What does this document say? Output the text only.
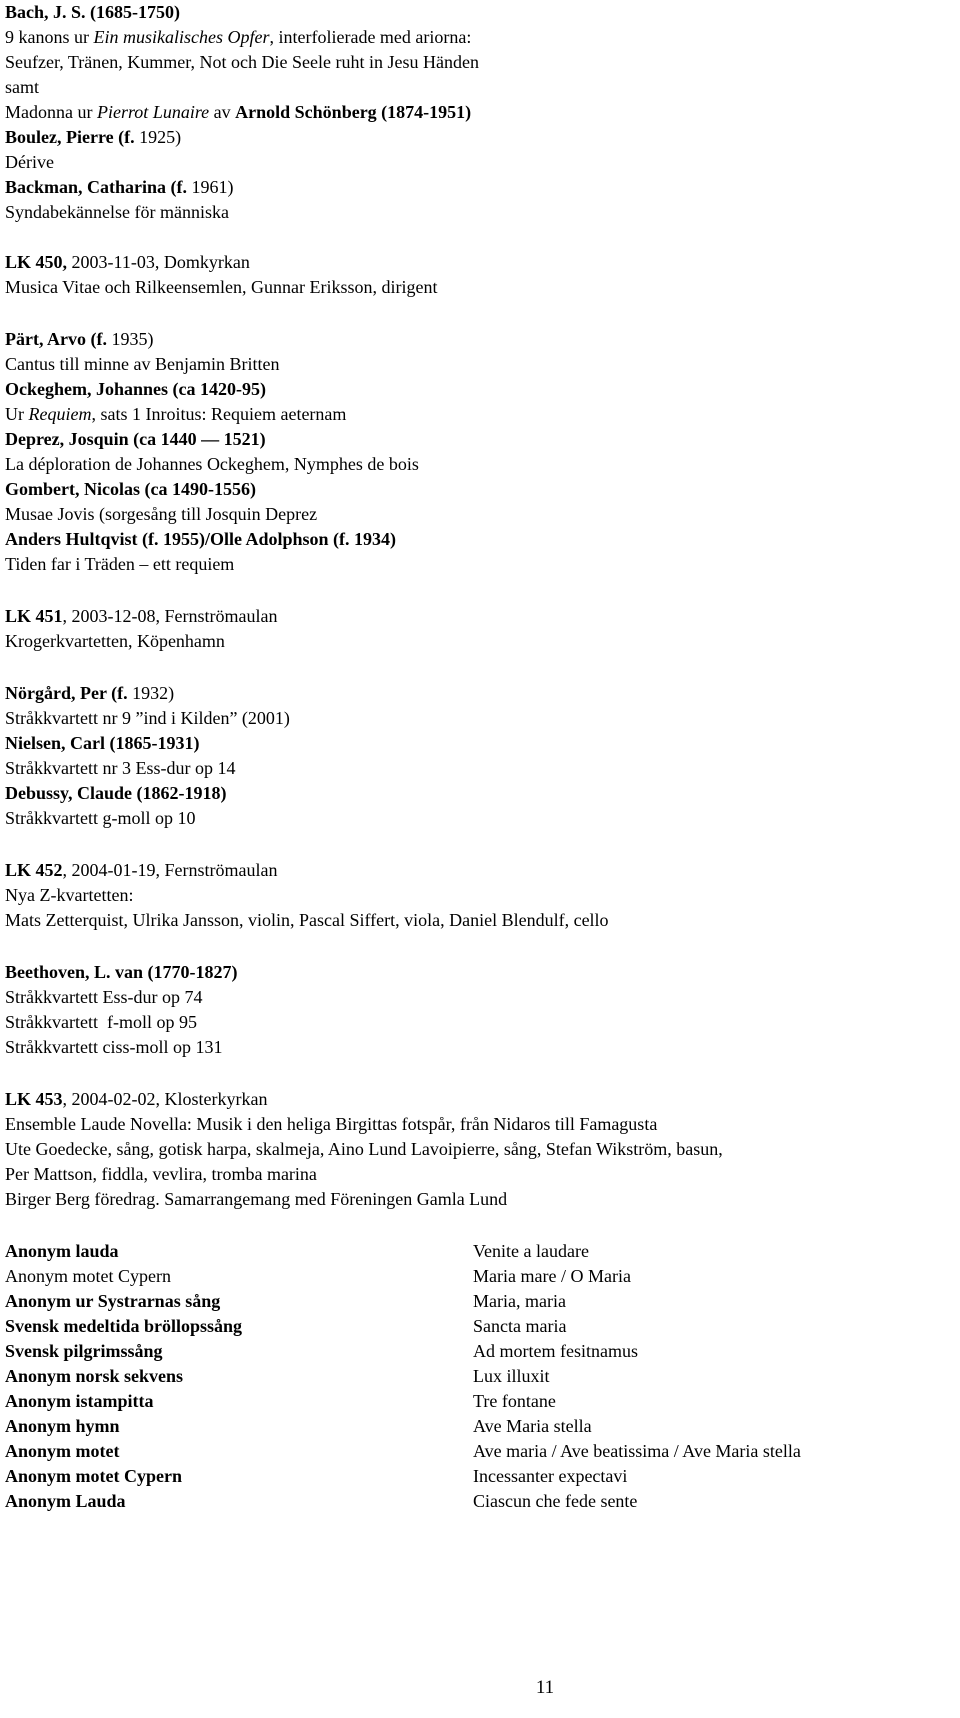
Bach, J. S. (1685-1750)
9 kanons ur Ein musikalisches Opfer, interfolierade med ariorna:
Seufzer, Tränen, Kummer, Not och Die Seele ruht in Jesu Händen
samt
Madonna ur Pierrot Lunaire av Arnold Schönberg (1874-1951)
Boulez, Pierre (f. 1925)
Dérive
Backman, Catharina (f. 1961)
Syndabekännelse för människa
LK 450, 2003-11-03, Domkyrkan
Musica Vitae och Rilkeensemlen, Gunnar Eriksson, dirigent
Pärt, Arvo (f. 1935)
Cantus till minne av Benjamin Britten
Ockeghem, Johannes (ca 1420-95)
Ur Requiem, sats 1 Inroitus: Requiem aeternam
Deprez, Josquin (ca 1440 — 1521)
La déploration de Johannes Ockeghem, Nymphes de bois
Gombert, Nicolas (ca 1490-1556)
Musae Jovis (sorgesång till Josquin Deprez
Anders Hultqvist (f. 1955)/Olle Adolphson (f. 1934)
Tiden far i Träden – ett requiem
LK 451, 2003-12-08, Fernströmaulan
Krogerkvartetten, Köpenhamn
Nörgård, Per (f. 1932)
Stråkkvartett nr 9 ”ind i Kilden” (2001)
Nielsen, Carl (1865-1931)
Stråkkvartett nr 3 Ess-dur op 14
Debussy, Claude (1862-1918)
Stråkkvartett g-moll op 10
LK 452, 2004-01-19, Fernströmaulan
Nya Z-kvartetten:
Mats Zetterquist, Ulrika Jansson, violin, Pascal Siffert, viola, Daniel Blendulf, cello
Beethoven, L. van (1770-1827)
Stråkkvartett Ess-dur op 74
Stråkkvartett  f-moll op 95
Stråkkvartett ciss-moll op 131
LK 453, 2004-02-02, Klosterkyrkan
Ensemble Laude Novella: Musik i den heliga Birgittas fotspår, från Nidaros till Famagusta
Ute Goedecke, sång, gotisk harpa, skalmeja, Aino Lund Lavoipierre, sång, Stefan Wikström, basun,
Per Mattson, fiddla, vevlira, tromba marina
Birger Berg föredrag. Samarrangemang med Föreningen Gamla Lund
Anonym lauda	Venite a laudare
Anonym motet Cypern	Maria mare / O Maria
Anonym ur Systrarnas sång	Maria, maria
Svensk medeltida bröllopssång	Sancta maria
Svensk pilgrimssång	Ad mortem fesitnamus
Anonym norsk sekvens	Lux illuxit
Anonym istampitta	Tre fontane
Anonym hymn	Ave Maria stella
Anonym motet	Ave maria / Ave beatissima / Ave Maria stella
Anonym motet Cypern	Incessanter expectavi
Anonym Lauda	Ciascun che fede sente
11
